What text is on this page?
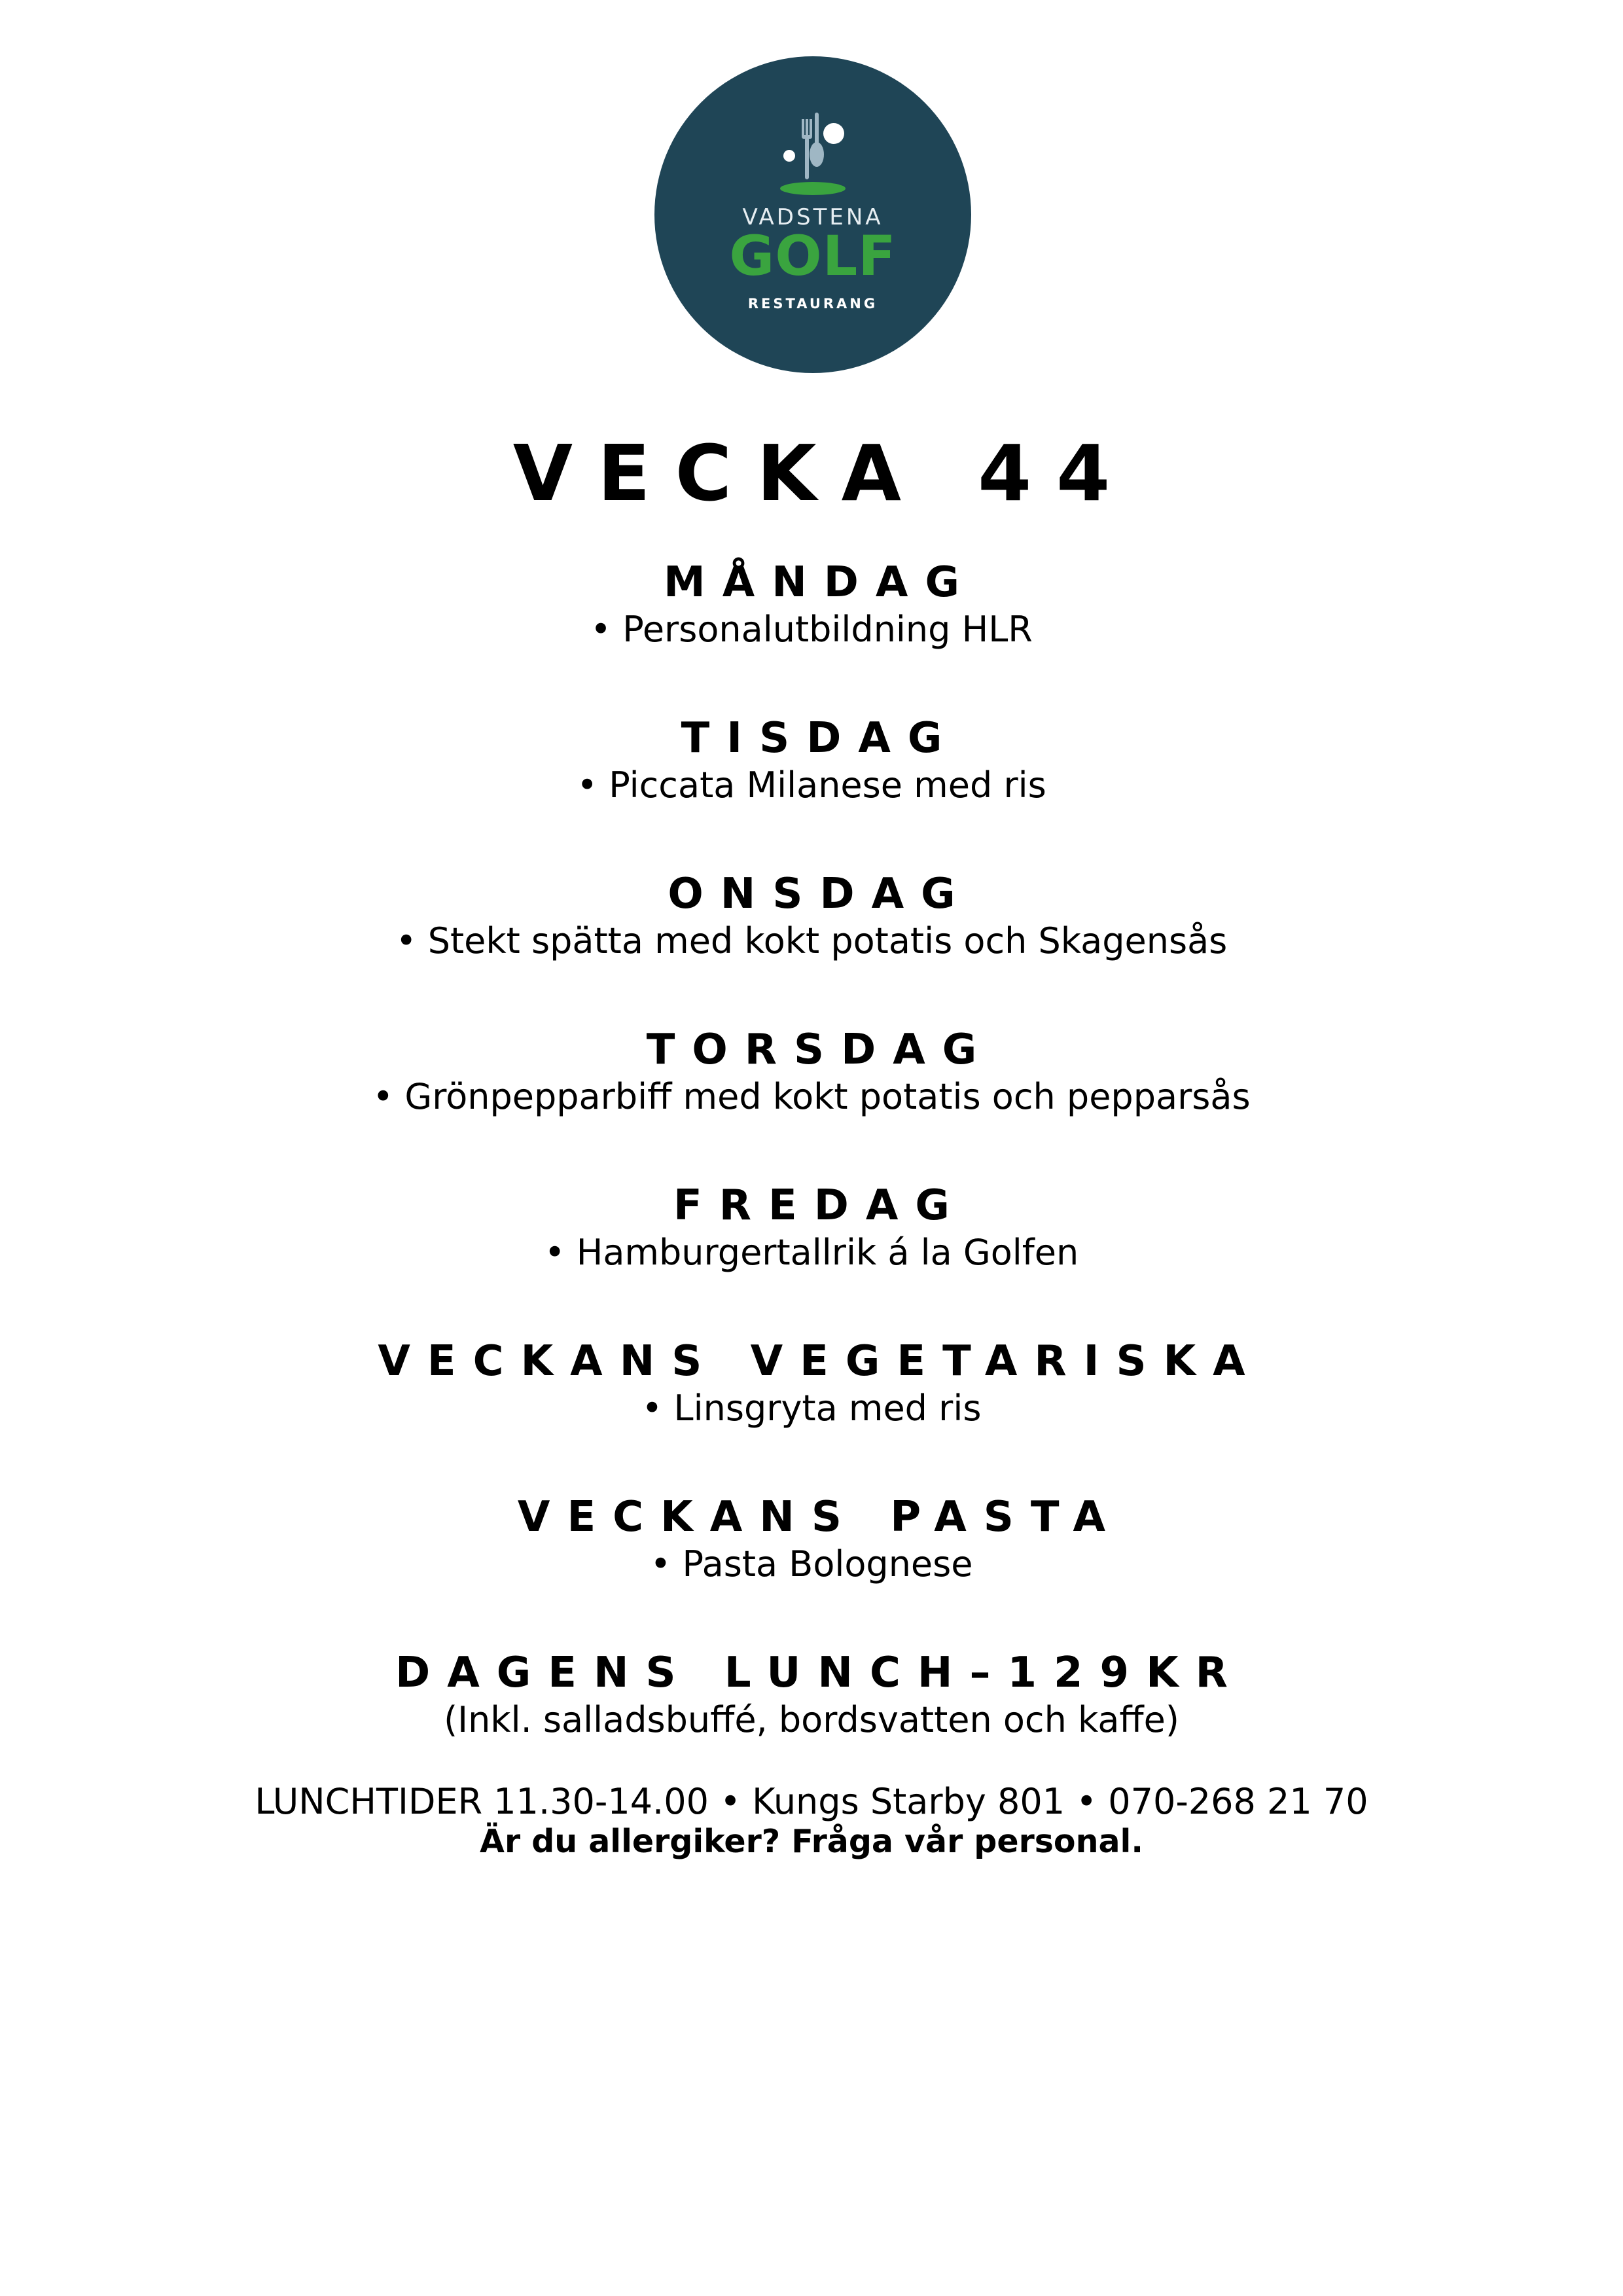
VADSTENA
GOLF
RESTAURANG
VECKA 44
MÅNDAG
• Personalutbildning HLR
TISDAG
• Piccata Milanese med ris
ONSDAG
• Stekt spätta med kokt potatis och Skagensås
TORSDAG
• Grönpepparbiff med kokt potatis och pepparsås
FREDAG
• Hamburgertallrik á la Golfen
VECKANS VEGETARISKA
• Linsgryta med ris
VECKANS PASTA
• Pasta Bolognese
DAGENS LUNCH–129KR
(Inkl. salladsbuffé, bordsvatten och kaffe)
LUNCHTIDER 11.30-14.00 • Kungs Starby 801 • 070-268 21 70
Är du allergiker? Fråga vår personal.
